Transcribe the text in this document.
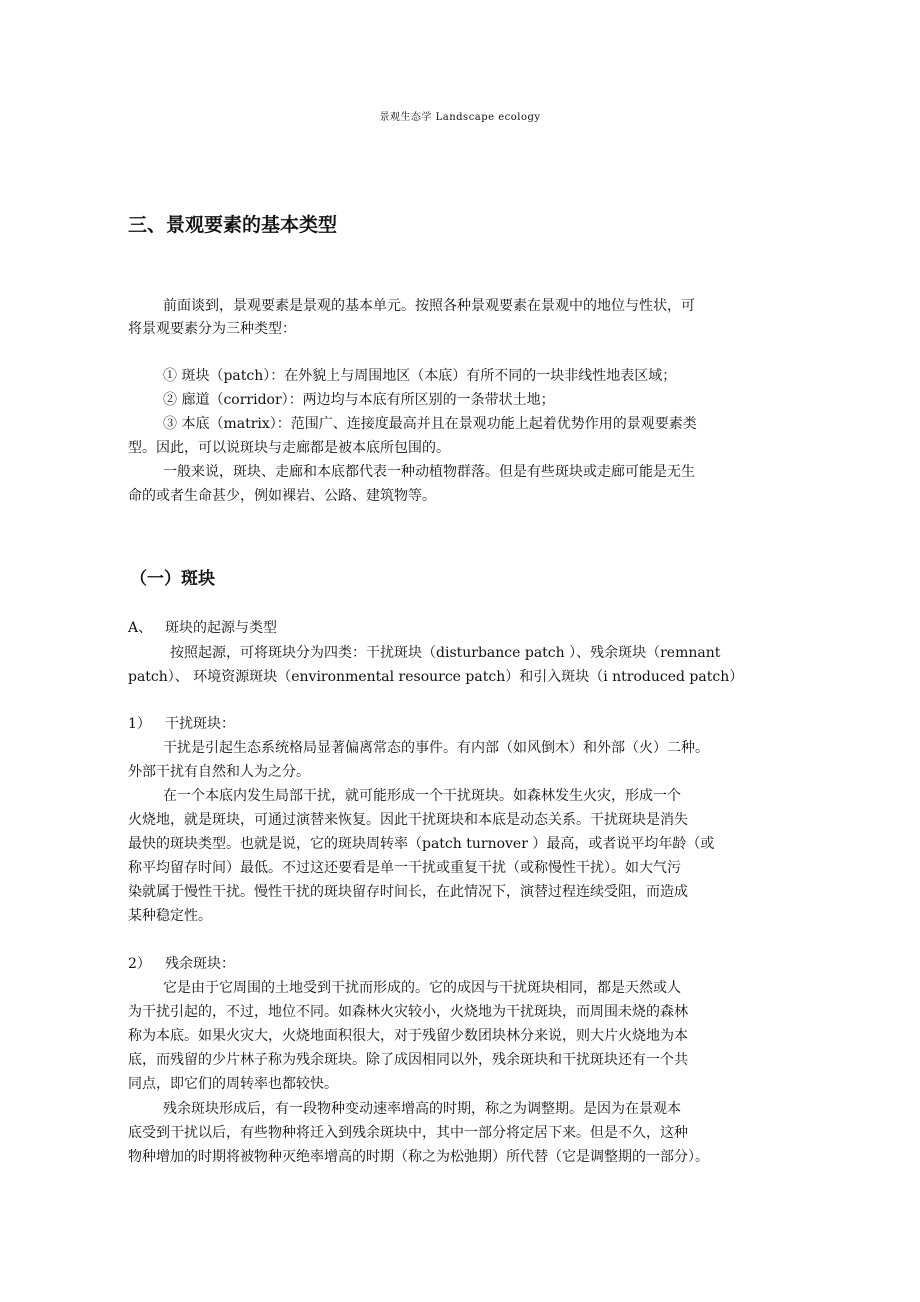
景观生态学 Landscape ecology
三、景观要素的基本类型
前面谈到，景观要素是景观的基本单元。按照各种景观要素在景观中的地位与性状，可
将景观要素分为三种类型：
① 斑块（patch）：在外貌上与周围地区（本底）有所不同的一块非线性地表区域；
② 廊道（corridor）：两边均与本底有所区别的一条带状土地；
③ 本底（matrix）：范围广、连接度最高并且在景观功能上起着优势作用的景观要素类
型。因此，可以说斑块与走廊都是被本底所包围的。
一般来说，斑块、走廊和本底都代表一种动植物群落。但是有些斑块或走廊可能是无生
命的或者生命甚少，例如裸岩、公路、建筑物等。
（一）斑块
A、 斑块的起源与类型
按照起源，可将斑块分为四类：干扰斑块（disturbance patch ）、残余斑块（remnant
patch）、 环境资源斑块（environmental resource patch）和引入斑块（i ntroduced patch）
1） 干扰斑块：
干扰是引起生态系统格局显著偏离常态的事件。有内部（如风倒木）和外部（火）二种。
外部干扰有自然和人为之分。
在一个本底内发生局部干扰，就可能形成一个干扰斑块。如森林发生火灾，形成一个
火烧地，就是斑块，可通过演替来恢复。因此干扰斑块和本底是动态关系。干扰斑块是消失
最快的斑块类型。也就是说，它的斑块周转率（patch turnover ）最高，或者说平均年龄（或
称平均留存时间）最低。不过这还要看是单一干扰或重复干扰（或称慢性干扰）。如大气污
染就属于慢性干扰。慢性干扰的斑块留存时间长，在此情况下，演替过程连续受阻，而造成
某种稳定性。
2） 残余斑块：
它是由于它周围的土地受到干扰而形成的。它的成因与干扰斑块相同，都是天然或人
为干扰引起的，不过，地位不同。如森林火灾较小，火烧地为干扰斑块，而周围未烧的森林
称为本底。如果火灾大，火烧地面积很大，对于残留少数团块林分来说，则大片火烧地为本
底，而残留的少片林子称为残余斑块。除了成因相同以外，残余斑块和干扰斑块还有一个共
同点，即它们的周转率也都较快。
残余斑块形成后，有一段物种变动速率增高的时期，称之为调整期。是因为在景观本
底受到干扰以后，有些物种将迁入到残余斑块中，其中一部分将定居下来。但是不久，这种
物种增加的时期将被物种灭绝率增高的时期（称之为松弛期）所代替（它是调整期的一部分）。
